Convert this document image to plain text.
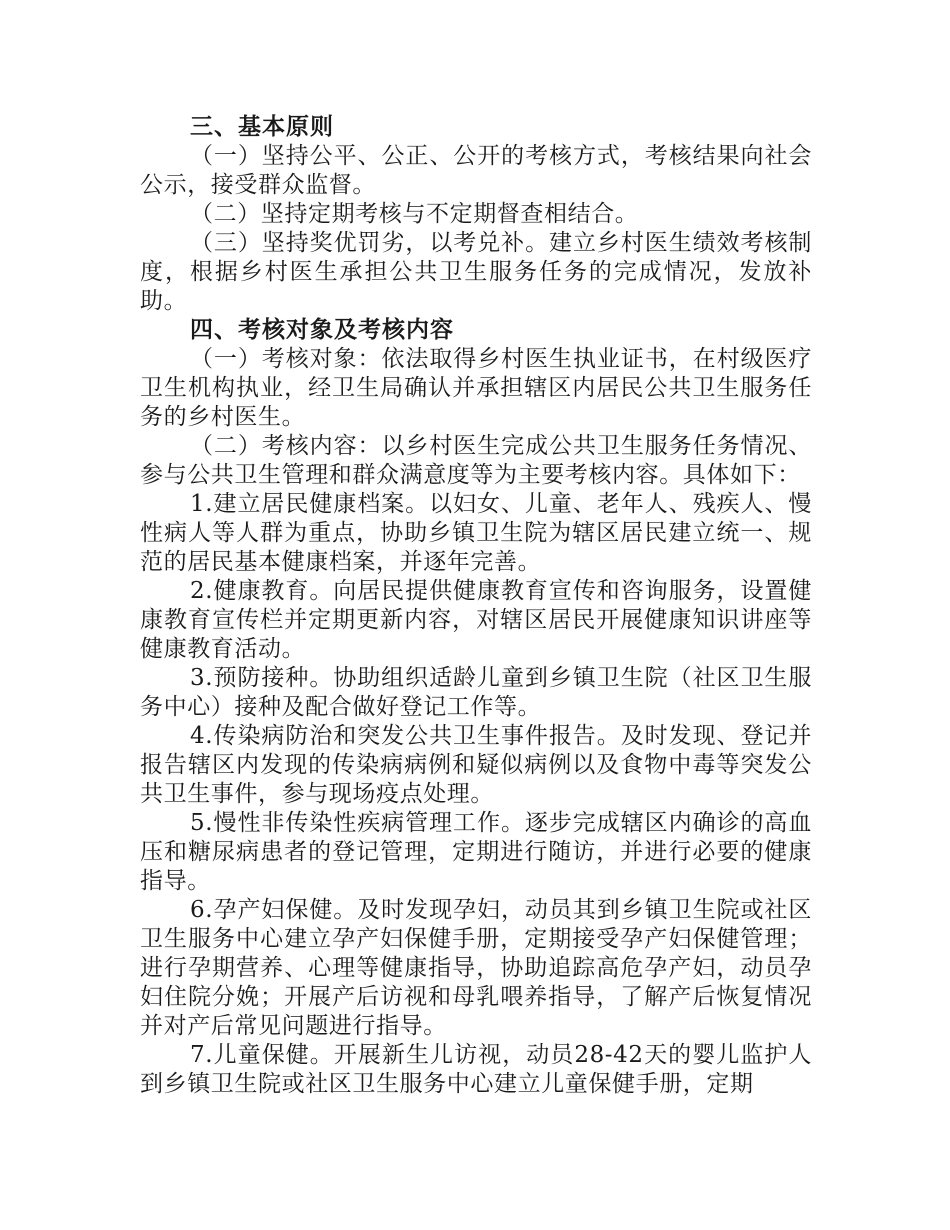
三、基本原则

（一）坚持公平、公正、公开的考核方式，考核结果向社会公示，接受群众监督。

（二）坚持定期考核与不定期督查相结合。

（三）坚持奖优罚劣，以考兑补。建立乡村医生绩效考核制度，根据乡村医生承担公共卫生服务任务的完成情况，发放补助。

四、考核对象及考核内容

（一）考核对象：依法取得乡村医生执业证书，在村级医疗卫生机构执业，经卫生局确认并承担辖区内居民公共卫生服务任务的乡村医生。

（二）考核内容：以乡村医生完成公共卫生服务任务情况、参与公共卫生管理和群众满意度等为主要考核内容。具体如下：

1.建立居民健康档案。以妇女、儿童、老年人、残疾人、慢性病人等人群为重点，协助乡镇卫生院为辖区居民建立统一、规范的居民基本健康档案，并逐年完善。

2.健康教育。向居民提供健康教育宣传和咨询服务，设置健康教育宣传栏并定期更新内容，对辖区居民开展健康知识讲座等健康教育活动。

3.预防接种。协助组织适龄儿童到乡镇卫生院（社区卫生服务中心）接种及配合做好登记工作等。

4.传染病防治和突发公共卫生事件报告。及时发现、登记并报告辖区内发现的传染病病例和疑似病例以及食物中毒等突发公共卫生事件，参与现场疫点处理。

5.慢性非传染性疾病管理工作。逐步完成辖区内确诊的高血压和糖尿病患者的登记管理，定期进行随访，并进行必要的健康指导。

6.孕产妇保健。及时发现孕妇，动员其到乡镇卫生院或社区卫生服务中心建立孕产妇保健手册，定期接受孕产妇保健管理；进行孕期营养、心理等健康指导，协助追踪高危孕产妇，动员孕妇住院分娩；开展产后访视和母乳喂养指导，了解产后恢复情况并对产后常见问题进行指导。

7.儿童保健。开展新生儿访视，动员28-42天的婴儿监护人到乡镇卫生院或社区卫生服务中心建立儿童保健手册，定期
